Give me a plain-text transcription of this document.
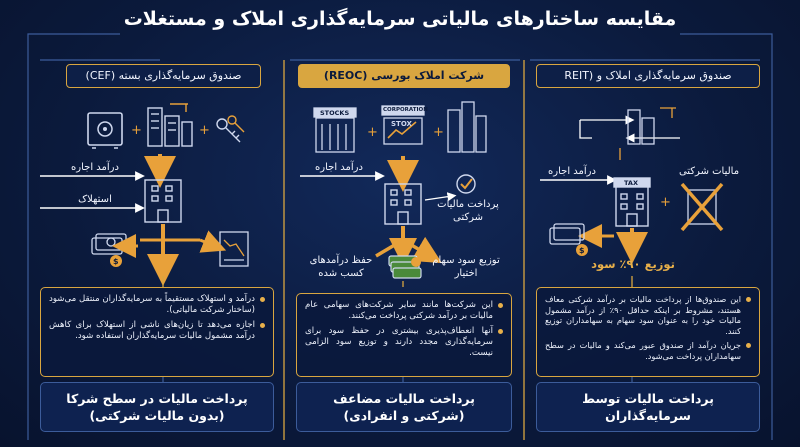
+	+
$
+	+
+
$
STOCKS	CORPORATION
STOX
TAX
مقایسه ساختارهای مالیاتی سرمایه‌گذاری املاک و مستغلات
صندوق سرمایه‌گذاری بسته (CEF)	شرکت املاک بورسی (REOC)	صندوق سرمایه‌گذاری املاک و (REIT
درآمد اجاره
استهلاک
درآمد اجاره
پرداخت مالیات شرکتی
حفظ درآمدهای کسب شده
توزیع سود سهام اختیار
درآمد اجاره	مالیات شرکتی
توزیع ۹۰٪ سود
درآمد و استهلاک مستقیماً به سرمایه‌گذاران منتقل می‌شود (ساختار شرکت مالیاتی).
اجازه می‌دهد تا زیان‌های ناشی از استهلاک برای کاهش درآمد مشمول مالیات سرمایه‌گذاران استفاده شود.
این شرکت‌ها مانند سایر شرکت‌های سهامی عام مالیات بر درآمد شرکتی پرداخت می‌کنند.
آنها انعطاف‌پذیری بیشتری در حفظ سود برای سرمایه‌گذاری مجدد دارند و توزیع سود الزامی نیست.
این صندوق‌ها از پرداخت مالیات بر درآمد شرکتی معاف هستند، مشروط بر اینکه حداقل ۹۰٪ از درآمد مشمول مالیات خود را به عنوان سود سهام به سهامداران توزیع کنند.
جریان درآمد از صندوق عبور می‌کند و مالیات در سطح سهامداران پرداخت می‌شود.
پرداخت مالیات در سطح شرکا
(بدون مالیات شرکتی)
پرداخت مالیات مضاعف
(شرکتی و انفرادی)
پرداخت مالیات توسط
سرمایه‌گذاران
